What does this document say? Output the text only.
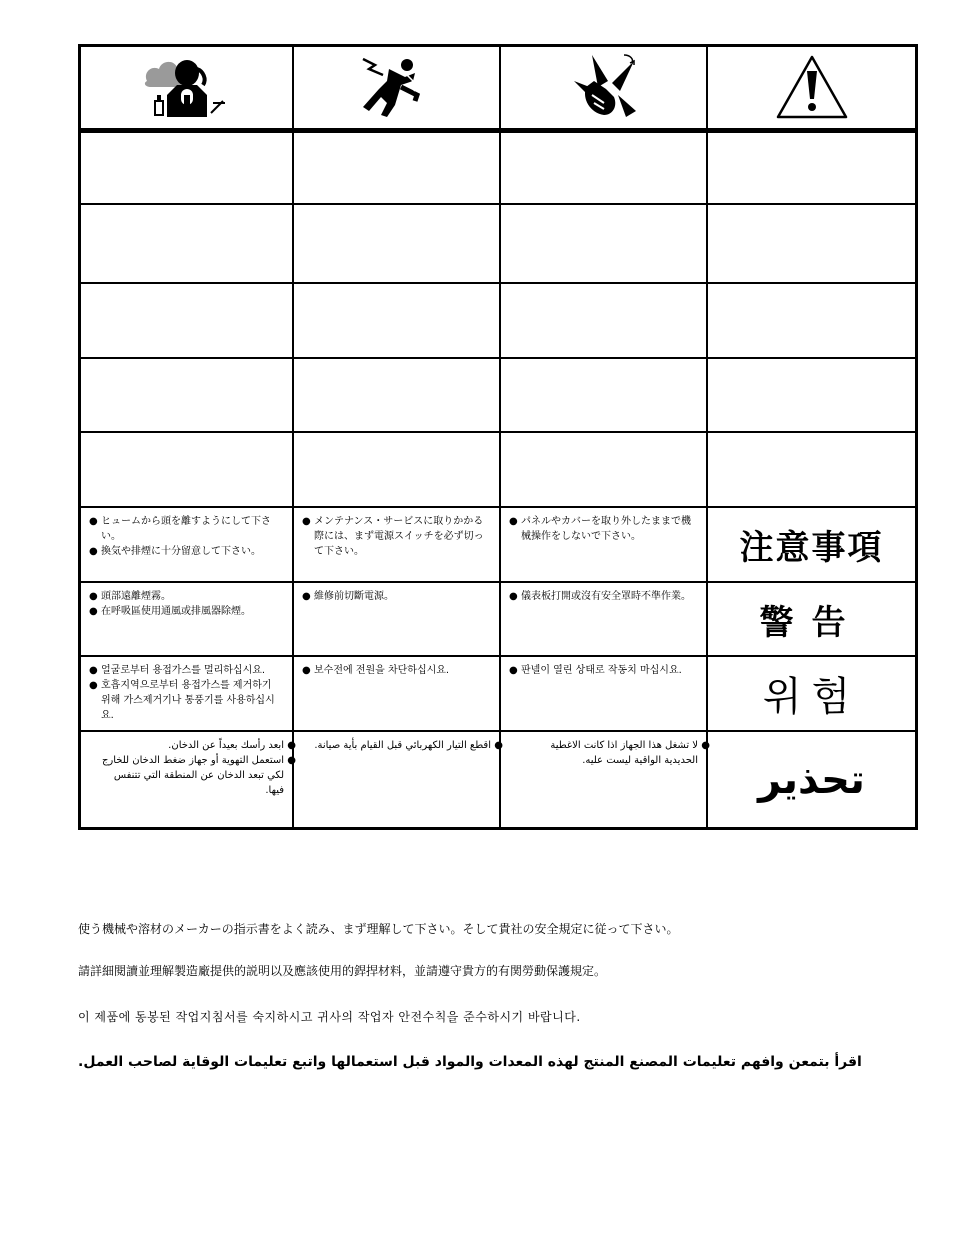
● ヒュームから頭を離すようにして下さい。
● 換気や排煙に十分留意して下さい。	● メンテナンス・サービスに取りかかる際には、まず電源スイッチを必ず切って下さい。	● パネルやカバーを取り外したままで機械操作をしないで下さい。	注意事項

● 頭部遠離煙霧。
● 在呼吸區使用通風或排風器除煙。	● 維修前切斷電源。	● 儀表板打開或沒有安全罩時不準作業。	警告

● 얼굴로부터 용접가스를 멀리하십시요.
● 호흡지역으로부터 용접가스를 제거하기 위해 가스제거기나 통풍기를 사용하십시요.	● 보수전에 전원을 차단하십시요.	● 판넬이 열린 상태로 작동치 마십시요.	위험

●ابعد رأسك بعيداً عن الدخان.
●استعمل التهوية أو جهاز ضغط الدخان للخارج لكي تبعد الدخان عن المنطقة التي تتنفس فيها.	●اقطع التيار الكهربائي قبل القيام بأية صيانة.	●لا تشغل هذا الجهاز اذا كانت الاغطية الحديدية الواقية ليست عليه.	تحذير
使う機械や溶材のメーカーの指示書をよく読み、まず理解して下さい。そして貴社の安全規定に従って下さい。
請詳細閱讀並理解製造廠提供的説明以及應該使用的銲捍材料，並請遵守貴方的有関勞動保護規定。
이 제품에 동봉된 작업지침서를 숙지하시고 귀사의 작업자 안전수칙을 준수하시기 바랍니다.
اقرأ بتمعن وافهم تعليمات المصنع المنتج لهذه المعدات والمواد قبل استعمالها واتبع تعليمات الوقاية لصاحب العمل.
